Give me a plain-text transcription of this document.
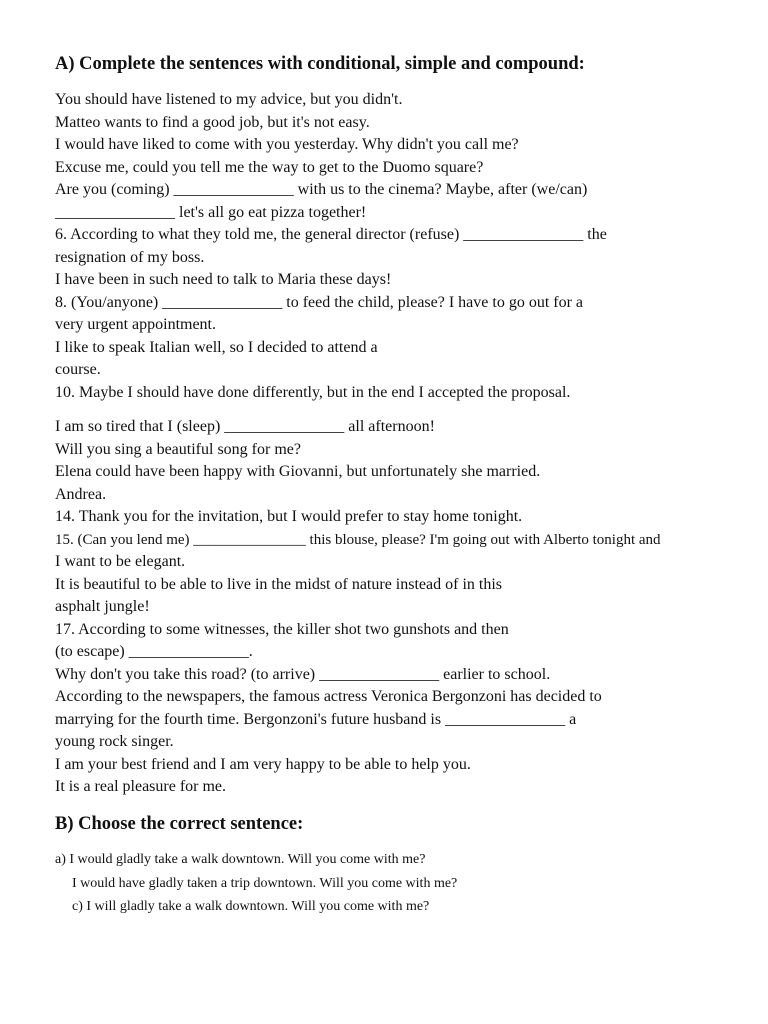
A) Complete the sentences with conditional, simple and compound:
You should have listened to my advice, but you didn't.
Matteo wants to find a good job, but it's not easy.
I would have liked to come with you yesterday. Why didn't you call me?
Excuse me, could you tell me the way to get to the Duomo square?
Are you (coming) _______________ with us to the cinema? Maybe, after (we/can)
_______________ let's all go eat pizza together!
6. According to what they told me, the general director (refuse) _______________ the
resignation of my boss.
I have been in such need to talk to Maria these days!
8. (You/anyone) _______________ to feed the child, please? I have to go out for a
very urgent appointment.
I like to speak Italian well, so I decided to attend a
course.
10. Maybe I should have done differently, but in the end I accepted the proposal.
I am so tired that I (sleep) _______________ all afternoon!
Will you sing a beautiful song for me?
Elena could have been happy with Giovanni, but unfortunately she married.
Andrea.
14. Thank you for the invitation, but I would prefer to stay home tonight.
15. (Can you lend me) _______________ this blouse, please? I'm going out with Alberto tonight and
I want to be elegant.
It is beautiful to be able to live in the midst of nature instead of in this
asphalt jungle!
17. According to some witnesses, the killer shot two gunshots and then
(to escape) _______________.
Why don't you take this road? (to arrive) _______________ earlier to school.
According to the newspapers, the famous actress Veronica Bergonzoni has decided to
marrying for the fourth time. Bergonzoni's future husband is _______________ a
young rock singer.
I am your best friend and I am very happy to be able to help you.
It is a real pleasure for me.
B) Choose the correct sentence:
a) I would gladly take a walk downtown. Will you come with me?
I would have gladly taken a trip downtown. Will you come with me?
c) I will gladly take a walk downtown. Will you come with me?
